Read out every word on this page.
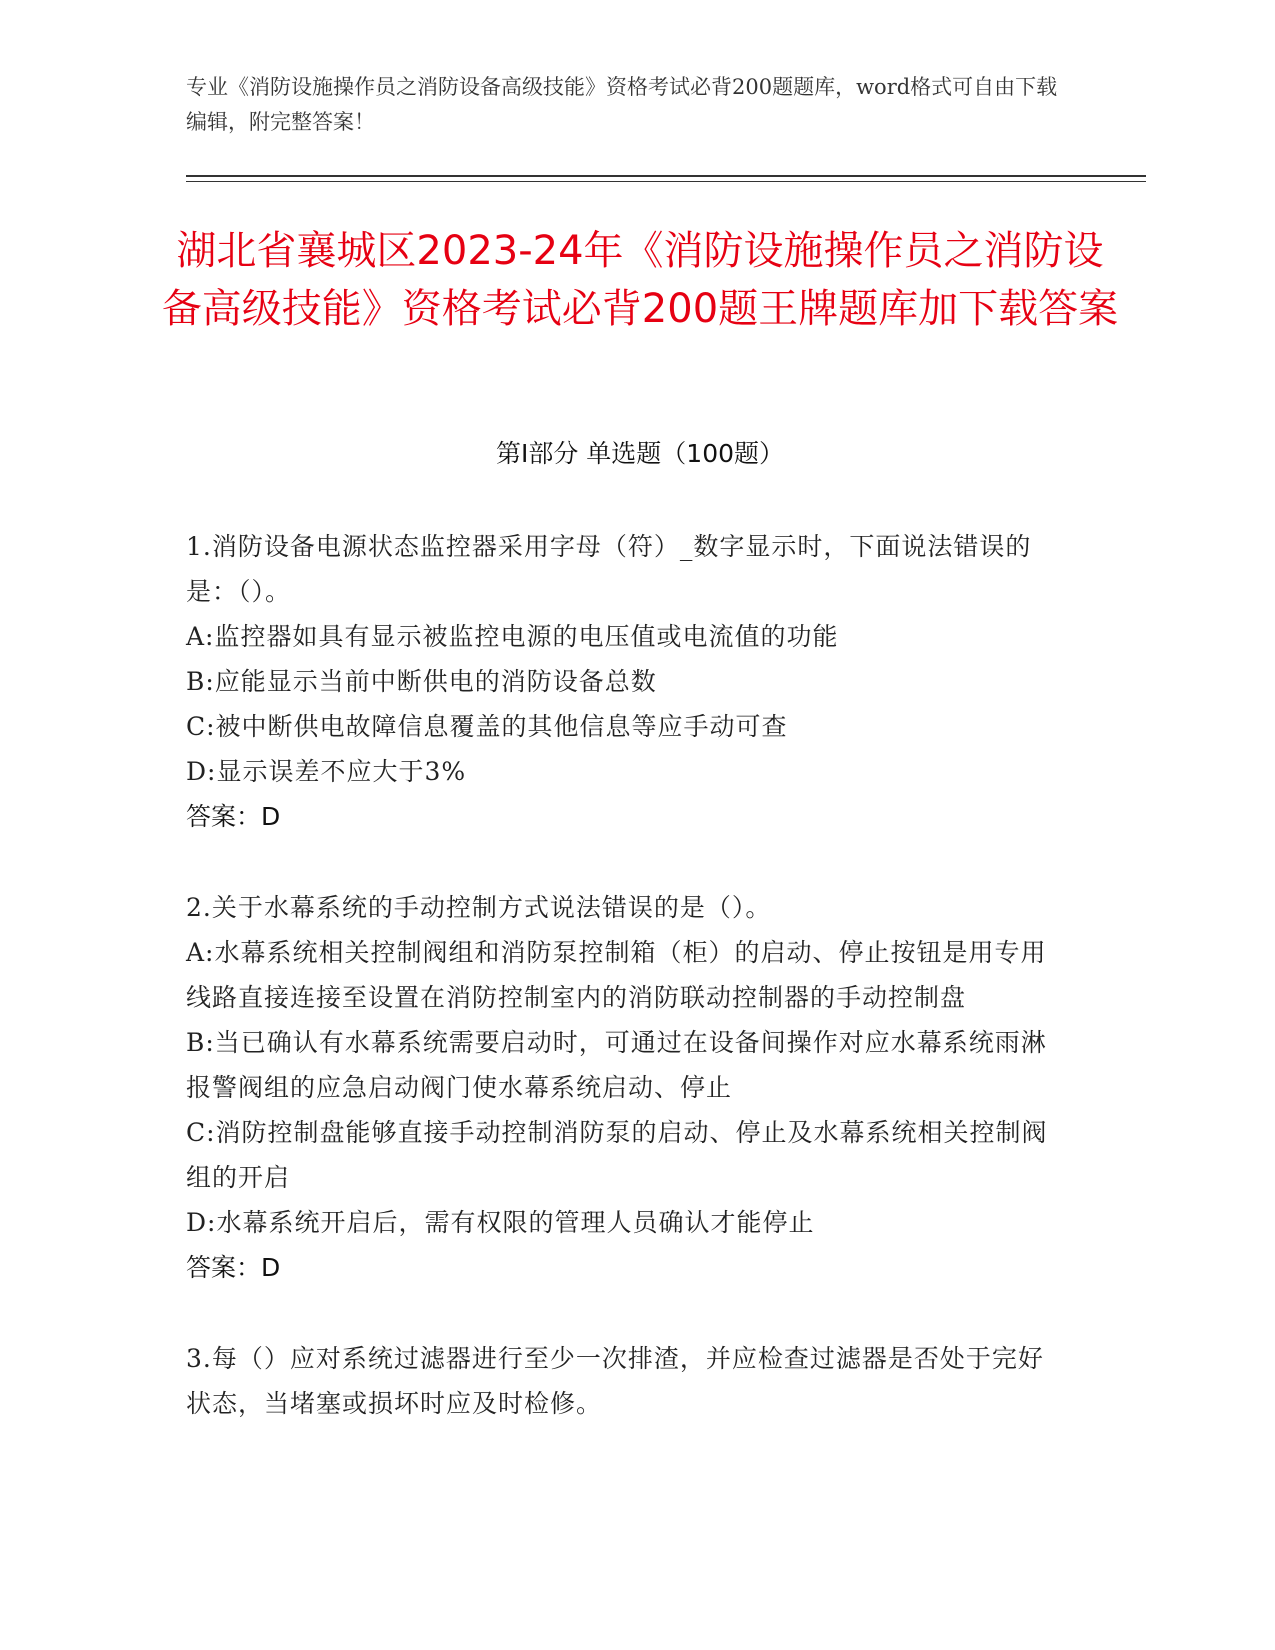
专业《消防设施操作员之消防设备高级技能》资格考试必背200题题库，word格式可自由下载编辑，附完整答案！
湖北省襄城区2023-24年《消防设施操作员之消防设备高级技能》资格考试必背200题王牌题库加下载答案
第I部分 单选题（100题）
1.消防设备电源状态监控器采用字母（符）_数字显示时，下面说法错误的是：（）。
A:监控器如具有显示被监控电源的电压值或电流值的功能
B:应能显示当前中断供电的消防设备总数
C:被中断供电故障信息覆盖的其他信息等应手动可查
D:显示误差不应大于3%
答案：D
2.关于水幕系统的手动控制方式说法错误的是（）。
A:水幕系统相关控制阀组和消防泵控制箱（柜）的启动、停止按钮是用专用线路直接连接至设置在消防控制室内的消防联动控制器的手动控制盘
B:当已确认有水幕系统需要启动时，可通过在设备间操作对应水幕系统雨淋报警阀组的应急启动阀门使水幕系统启动、停止
C:消防控制盘能够直接手动控制消防泵的启动、停止及水幕系统相关控制阀组的开启
D:水幕系统开启后，需有权限的管理人员确认才能停止
答案：D
3.每（）应对系统过滤器进行至少一次排渣，并应检查过滤器是否处于完好状态，当堵塞或损坏时应及时检修。
